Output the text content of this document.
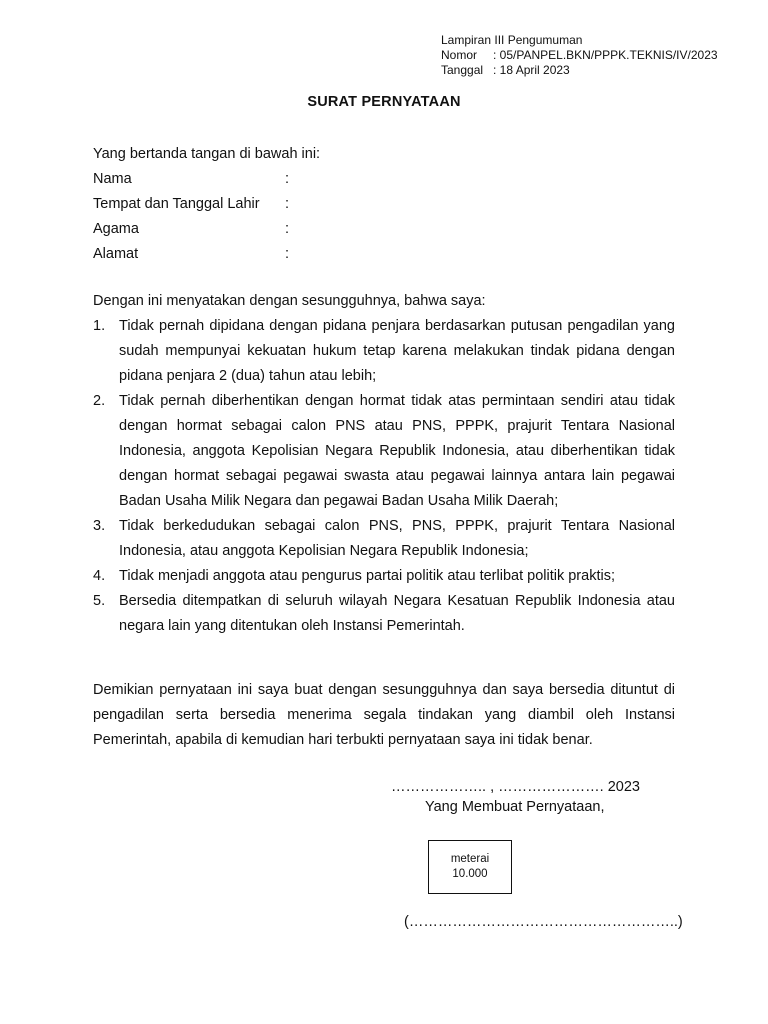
Lampiran III Pengumuman
Nomor	: 05/PANPEL.BKN/PPPK.TEKNIS/IV/2023
Tanggal : 18 April 2023
SURAT PERNYATAAN
Yang bertanda tangan di bawah ini:
Nama	:
Tempat dan Tanggal Lahir	:
Agama	:
Alamat	:
Dengan ini menyatakan dengan sesungguhnya, bahwa saya:
1. Tidak pernah dipidana dengan pidana penjara berdasarkan putusan pengadilan yang sudah mempunyai kekuatan hukum tetap karena melakukan tindak pidana dengan pidana penjara 2 (dua) tahun atau lebih;
2. Tidak pernah diberhentikan dengan hormat tidak atas permintaan sendiri atau tidak dengan hormat sebagai calon PNS atau PNS, PPPK, prajurit Tentara Nasional Indonesia, anggota Kepolisian Negara Republik Indonesia, atau diberhentikan tidak dengan hormat sebagai pegawai swasta atau pegawai lainnya antara lain pegawai Badan Usaha Milik Negara dan pegawai Badan Usaha Milik Daerah;
3. Tidak berkedudukan sebagai calon PNS, PNS, PPPK, prajurit Tentara Nasional Indonesia, atau anggota Kepolisian Negara Republik Indonesia;
4. Tidak menjadi anggota atau pengurus partai politik atau terlibat politik praktis;
5. Bersedia ditempatkan di seluruh wilayah Negara Kesatuan Republik Indonesia atau negara lain yang ditentukan oleh Instansi Pemerintah.
Demikian pernyataan ini saya buat dengan sesungguhnya dan saya bersedia dituntut di pengadilan serta bersedia menerima segala tindakan yang diambil oleh Instansi Pemerintah, apabila di kemudian hari terbukti pernyataan saya ini tidak benar.
……………….. , …………………. 2023
Yang Membuat Pernyataan,
meterai
10.000
(………………………………………………..)
